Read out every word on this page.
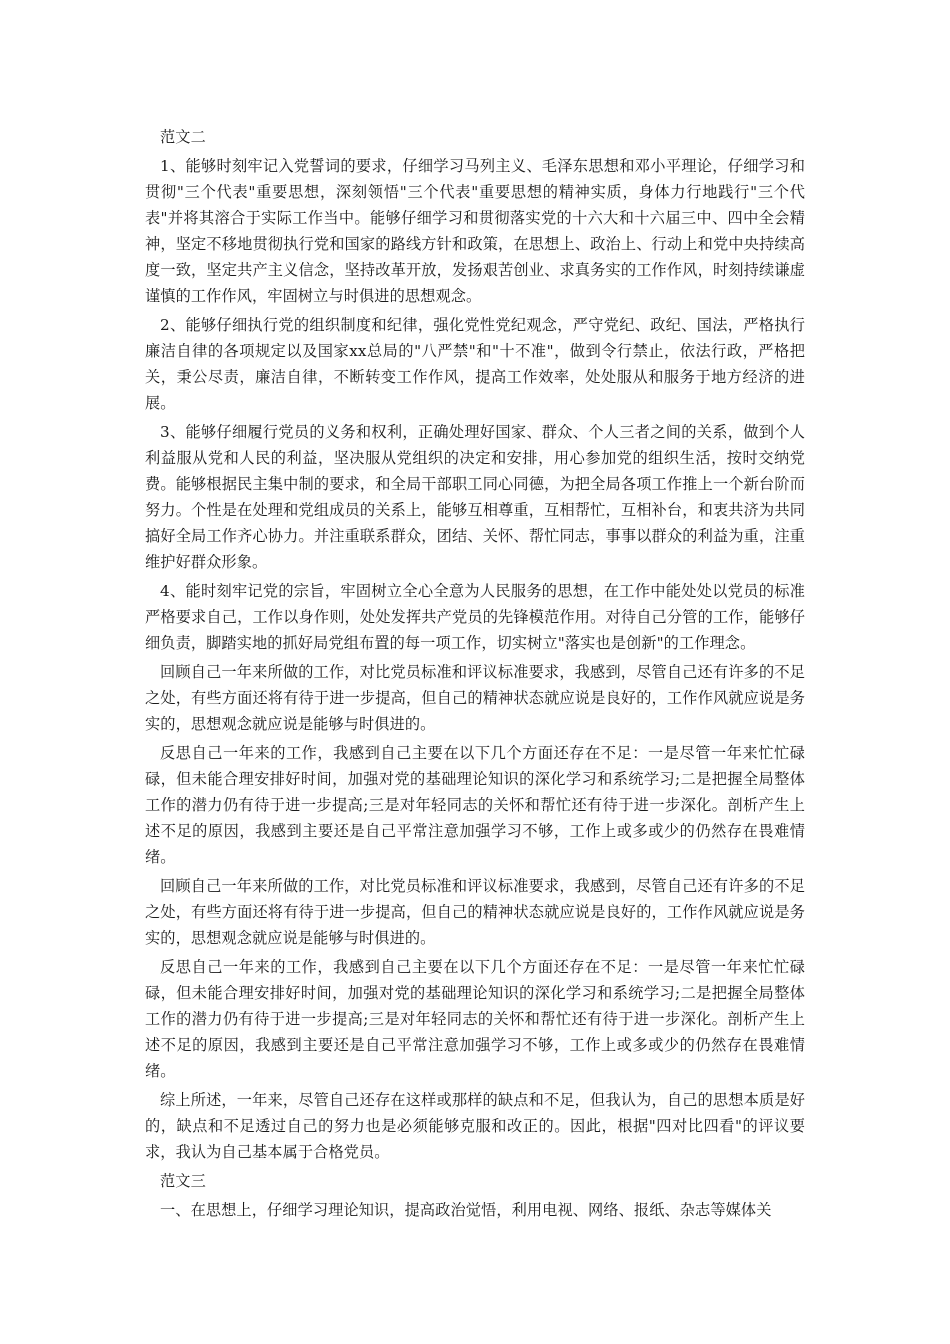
范文二

1、能够时刻牢记入党誓词的要求，仔细学习马列主义、毛泽东思想和邓小平理论，仔细学习和贯彻"三个代表"重要思想，深刻领悟"三个代表"重要思想的精神实质，身体力行地践行"三个代表"并将其溶合于实际工作当中。能够仔细学习和贯彻落实党的十六大和十六届三中、四中全会精神，坚定不移地贯彻执行党和国家的路线方针和政策，在思想上、政治上、行动上和党中央持续高度一致，坚定共产主义信念，坚持改革开放，发扬艰苦创业、求真务实的工作作风，时刻持续谦虚谨慎的工作作风，牢固树立与时俱进的思想观念。

2、能够仔细执行党的组织制度和纪律，强化党性党纪观念，严守党纪、政纪、国法，严格执行廉洁自律的各项规定以及国家xx总局的"八严禁"和"十不准"，做到令行禁止，依法行政，严格把关，秉公尽责，廉洁自律，不断转变工作作风，提高工作效率，处处服从和服务于地方经济的进展。

3、能够仔细履行党员的义务和权利，正确处理好国家、群众、个人三者之间的关系，做到个人利益服从党和人民的利益，坚决服从党组织的决定和安排，用心参加党的组织生活，按时交纳党费。能够根据民主集中制的要求，和全局干部职工同心同德，为把全局各项工作推上一个新台阶而努力。个性是在处理和党组成员的关系上，能够互相尊重，互相帮忙，互相补台，和衷共济为共同搞好全局工作齐心协力。并注重联系群众，团结、关怀、帮忙同志，事事以群众的利益为重，注重维护好群众形象。

4、能时刻牢记党的宗旨，牢固树立全心全意为人民服务的思想，在工作中能处处以党员的标准严格要求自己，工作以身作则，处处发挥共产党员的先锋模范作用。对待自己分管的工作，能够仔细负责，脚踏实地的抓好局党组布置的每一项工作，切实树立"落实也是创新"的工作理念。

回顾自己一年来所做的工作，对比党员标准和评议标准要求，我感到，尽管自己还有许多的不足之处，有些方面还将有待于进一步提高，但自己的精神状态就应说是良好的，工作作风就应说是务实的，思想观念就应说是能够与时俱进的。

反思自己一年来的工作，我感到自己主要在以下几个方面还存在不足：一是尽管一年来忙忙碌碌，但未能合理安排好时间，加强对党的基础理论知识的深化学习和系统学习;二是把握全局整体工作的潜力仍有待于进一步提高;三是对年轻同志的关怀和帮忙还有待于进一步深化。剖析产生上述不足的原因，我感到主要还是自己平常注意加强学习不够，工作上或多或少的仍然存在畏难情绪。

回顾自己一年来所做的工作，对比党员标准和评议标准要求，我感到，尽管自己还有许多的不足之处，有些方面还将有待于进一步提高，但自己的精神状态就应说是良好的，工作作风就应说是务实的，思想观念就应说是能够与时俱进的。

反思自己一年来的工作，我感到自己主要在以下几个方面还存在不足：一是尽管一年来忙忙碌碌，但未能合理安排好时间，加强对党的基础理论知识的深化学习和系统学习;二是把握全局整体工作的潜力仍有待于进一步提高;三是对年轻同志的关怀和帮忙还有待于进一步深化。剖析产生上述不足的原因，我感到主要还是自己平常注意加强学习不够，工作上或多或少的仍然存在畏难情绪。

综上所述，一年来，尽管自己还存在这样或那样的缺点和不足，但我认为，自己的思想本质是好的，缺点和不足透过自己的努力也是必须能够克服和改正的。因此，根据"四对比四看"的评议要求，我认为自己基本属于合格党员。

范文三

一、在思想上，仔细学习理论知识，提高政治觉悟，利用电视、网络、报纸、杂志等媒体关
